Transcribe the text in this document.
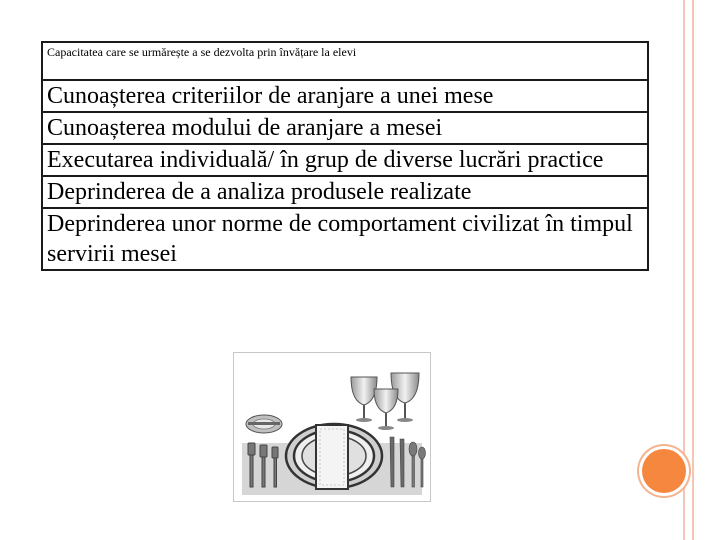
Capacitatea care se urmărește a se dezvolta prin învățare la elevi
Cunoașterea criteriilor de aranjare a unei mese
Cunoașterea modului de aranjare a mesei
Executarea individuală/ în grup de diverse lucrări practice
Deprinderea de a analiza produsele realizate
Deprinderea unor norme de comportament civilizat în timpul servirii mesei
